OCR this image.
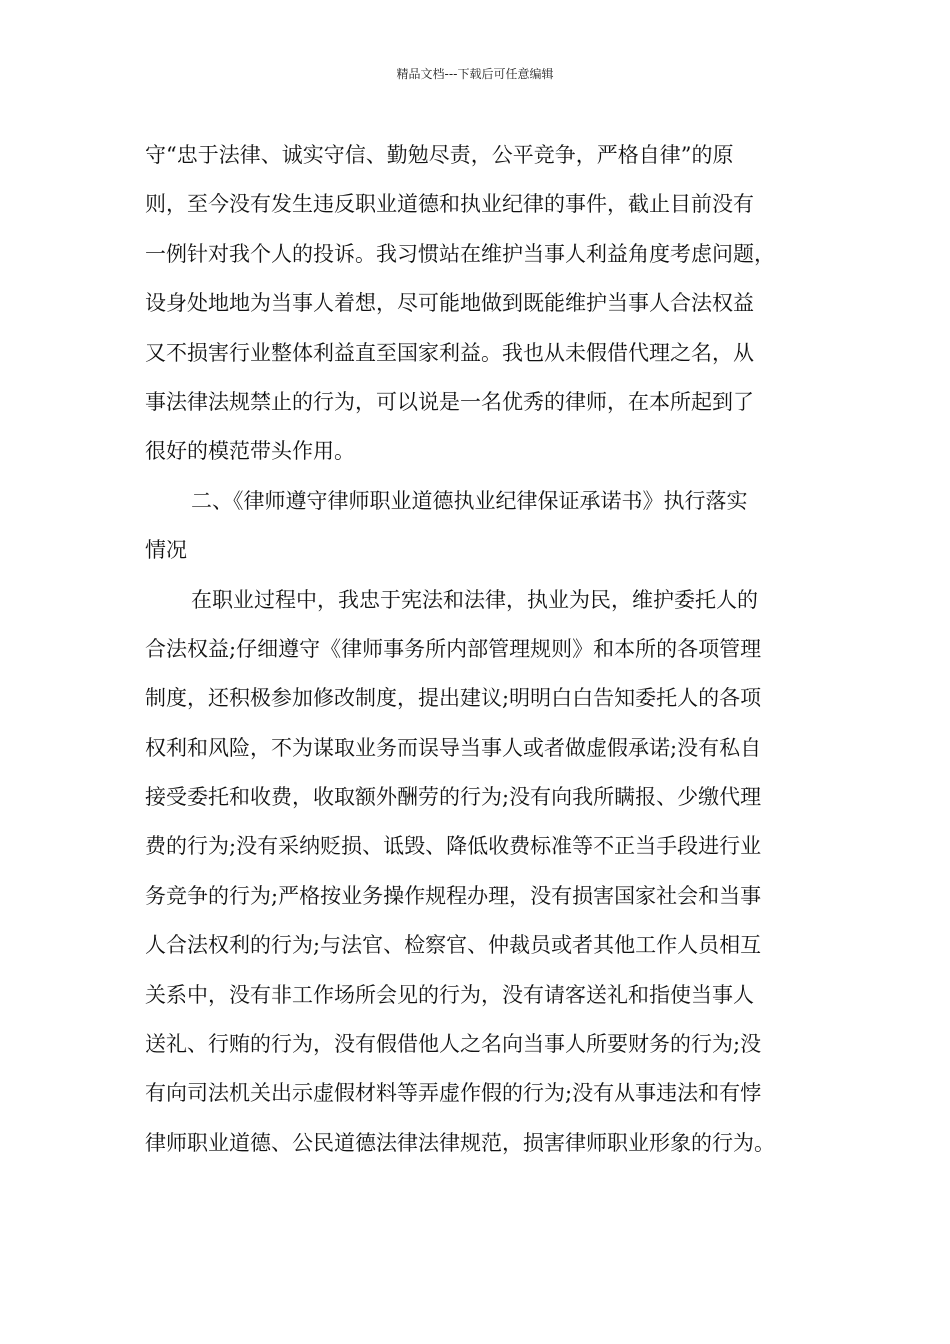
精品文档---下载后可任意编辑
守“忠于法律、诚实守信、勤勉尽责，公平竞争，严格自律”的原
则，至今没有发生违反职业道德和执业纪律的事件，截止目前没有
一例针对我个人的投诉。我习惯站在维护当事人利益角度考虑问题，
设身处地地为当事人着想，尽可能地做到既能维护当事人合法权益
又不损害行业整体利益直至国家利益。我也从未假借代理之名，从
事法律法规禁止的行为，可以说是一名优秀的律师，在本所起到了
很好的模范带头作用。
二、《律师遵守律师职业道德执业纪律保证承诺书》执行落实
情况
在职业过程中，我忠于宪法和法律，执业为民，维护委托人的
合法权益;仔细遵守《律师事务所内部管理规则》和本所的各项管理
制度，还积极参加修改制度，提出建议;明明白白告知委托人的各项
权利和风险，不为谋取业务而误导当事人或者做虚假承诺;没有私自
接受委托和收费，收取额外酬劳的行为;没有向我所瞒报、少缴代理
费的行为;没有采纳贬损、诋毁、降低收费标准等不正当手段进行业
务竞争的行为;严格按业务操作规程办理，没有损害国家社会和当事
人合法权利的行为;与法官、检察官、仲裁员或者其他工作人员相互
关系中，没有非工作场所会见的行为，没有请客送礼和指使当事人
送礼、行贿的行为，没有假借他人之名向当事人所要财务的行为;没
有向司法机关出示虚假材料等弄虚作假的行为;没有从事违法和有悖
律师职业道德、公民道德法律法律规范，损害律师职业形象的行为。
